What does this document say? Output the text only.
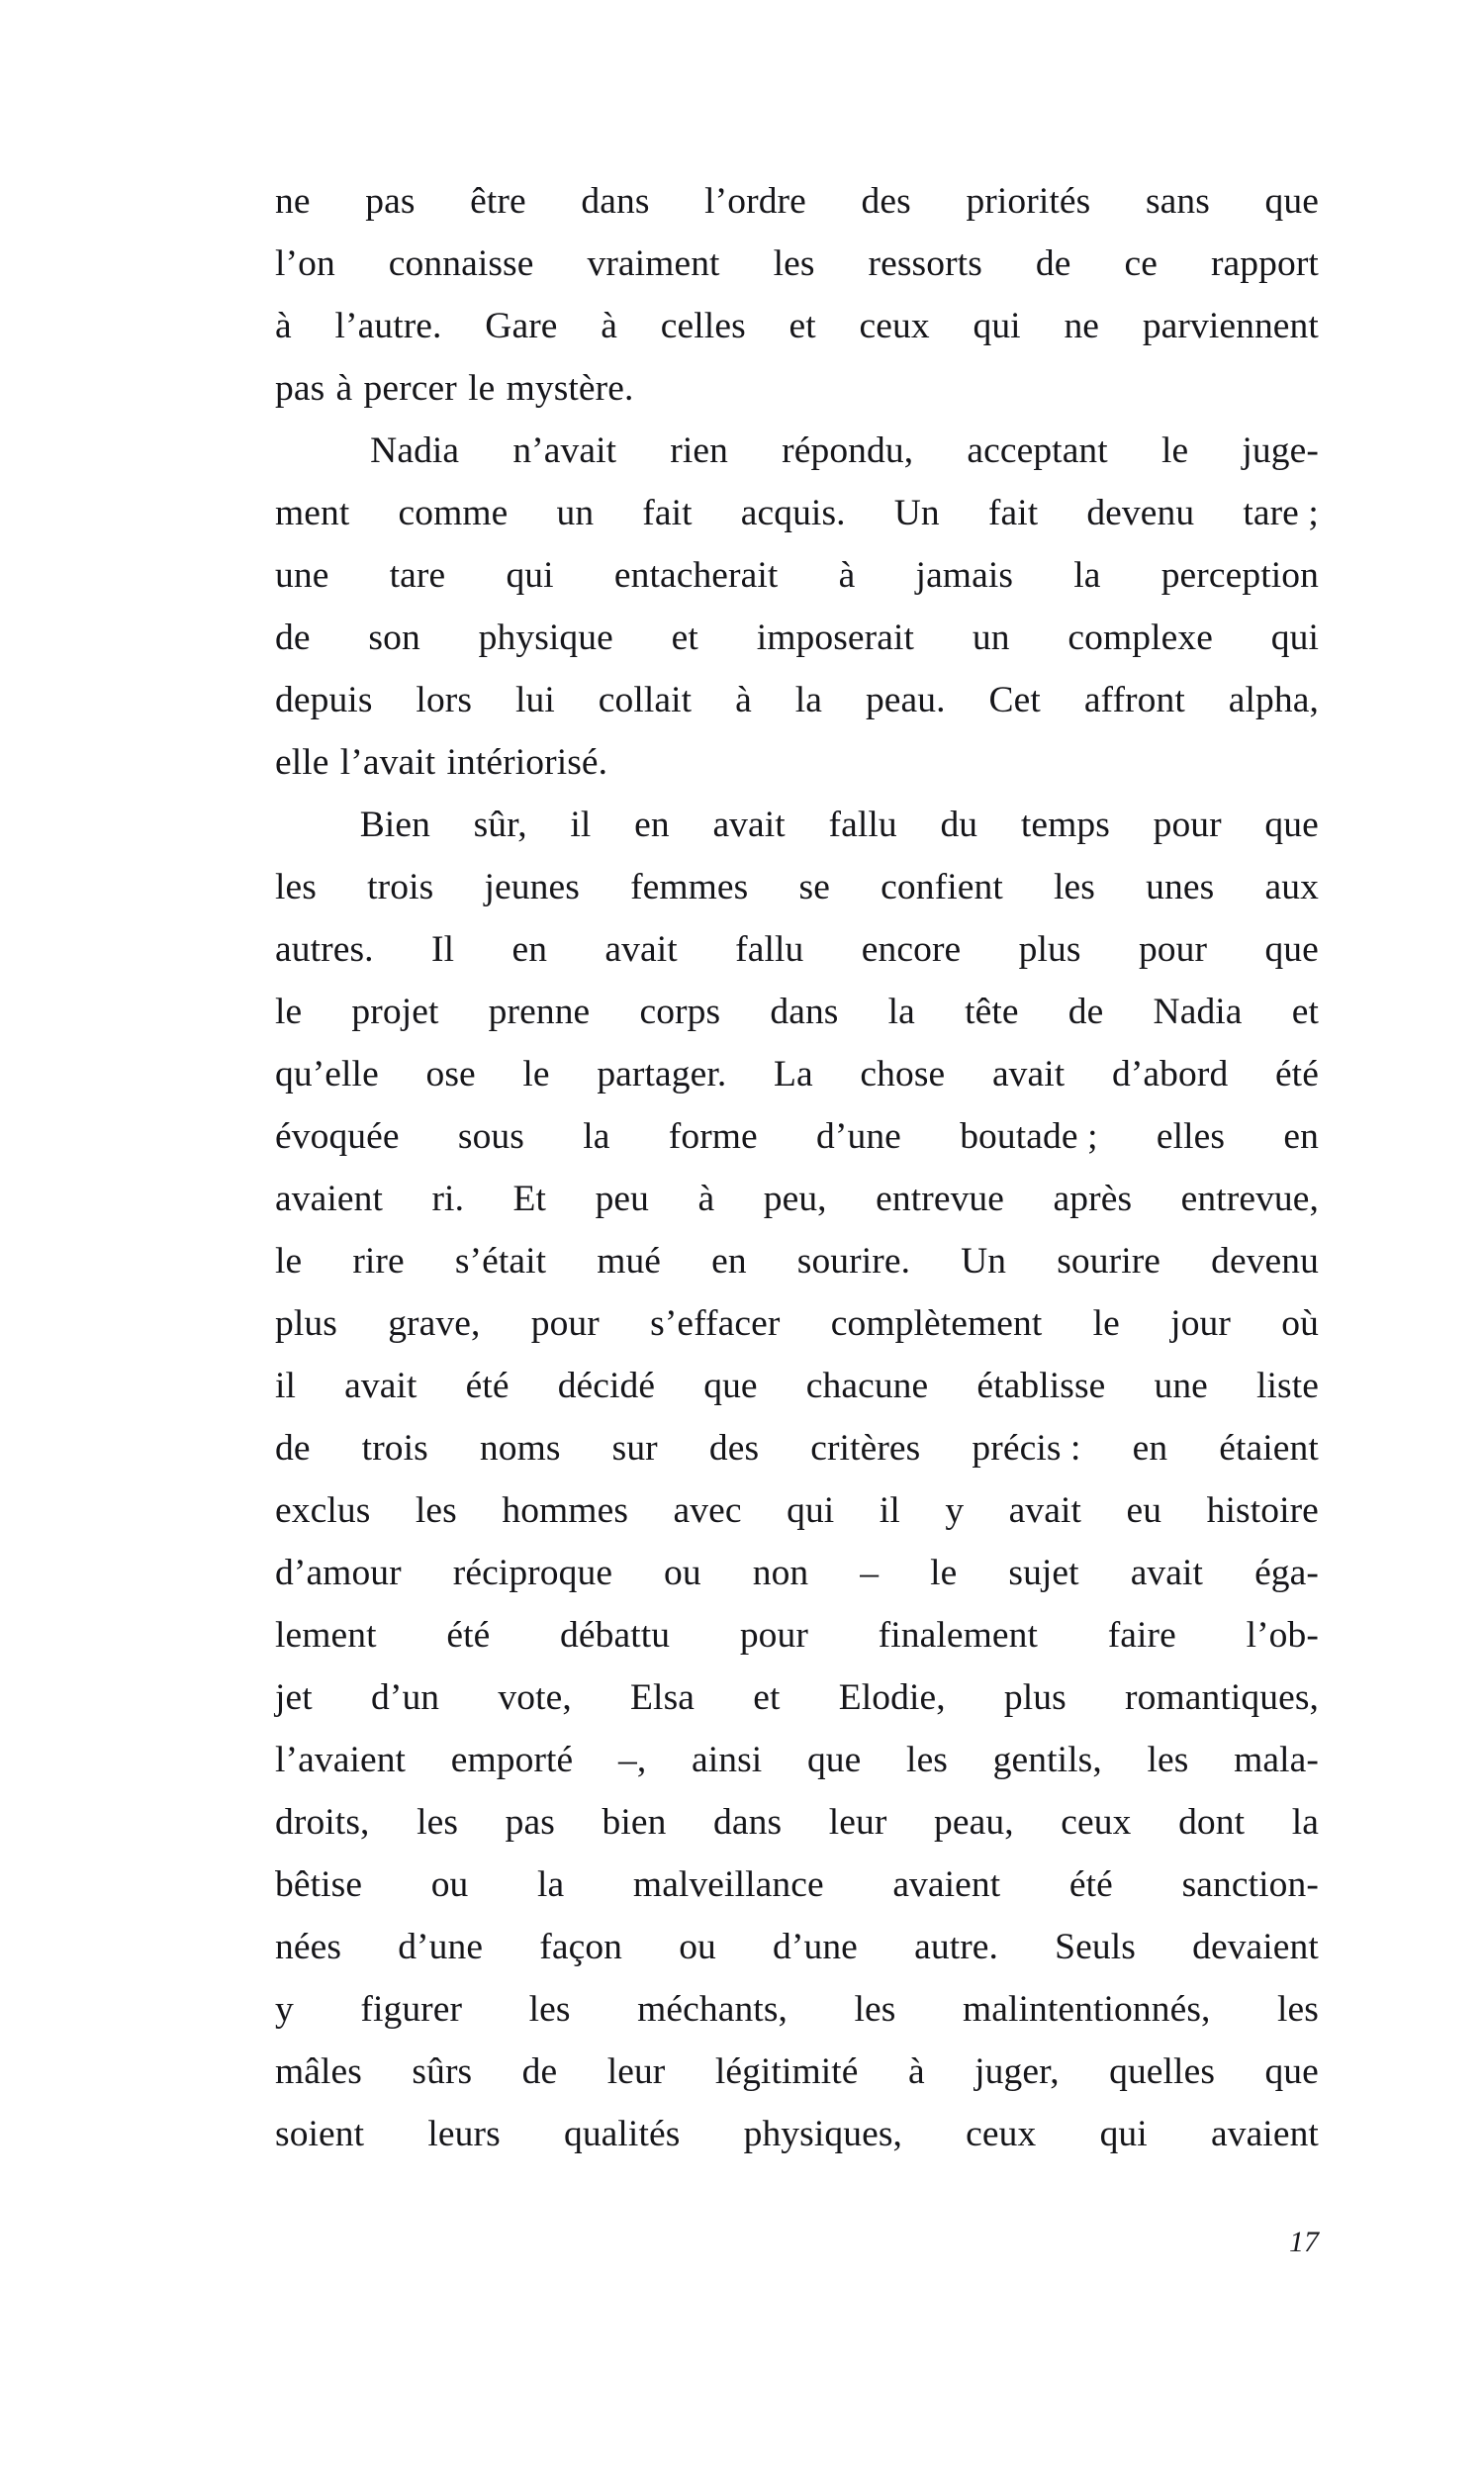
ne pas être dans l’ordre des priorités sans que
l’on connaisse vraiment les ressorts de ce rapport
à l’autre. Gare à celles et ceux qui ne parviennent
pas à percer le mystère.
Nadia n’avait rien répondu, acceptant le juge-
ment comme un fait acquis. Un fait devenu tare ;
une tare qui entacherait à jamais la perception
de son physique et imposerait un complexe qui
depuis lors lui collait à la peau. Cet affront alpha,
elle l’avait intériorisé.
Bien sûr, il en avait fallu du temps pour que
les trois jeunes femmes se confient les unes aux
autres. Il en avait fallu encore plus pour que
le projet prenne corps dans la tête de Nadia et
qu’elle ose le partager. La chose avait d’abord été
évoquée sous la forme d’une boutade ; elles en
avaient ri. Et peu à peu, entrevue après entrevue,
le rire s’était mué en sourire. Un sourire devenu
plus grave, pour s’effacer complètement le jour où
il avait été décidé que chacune établisse une liste
de trois noms sur des critères précis : en étaient
exclus les hommes avec qui il y avait eu histoire
d’amour réciproque ou non – le sujet avait éga-
lement été débattu pour finalement faire l’ob-
jet d’un vote, Elsa et Elodie, plus romantiques,
l’avaient emporté –, ainsi que les gentils, les mala-
droits, les pas bien dans leur peau, ceux dont la
bêtise ou la malveillance avaient été sanction-
nées d’une façon ou d’une autre. Seuls devaient
y figurer les méchants, les malintentionnés, les
mâles sûrs de leur légitimité à juger, quelles que
soient leurs qualités physiques, ceux qui avaient
17
